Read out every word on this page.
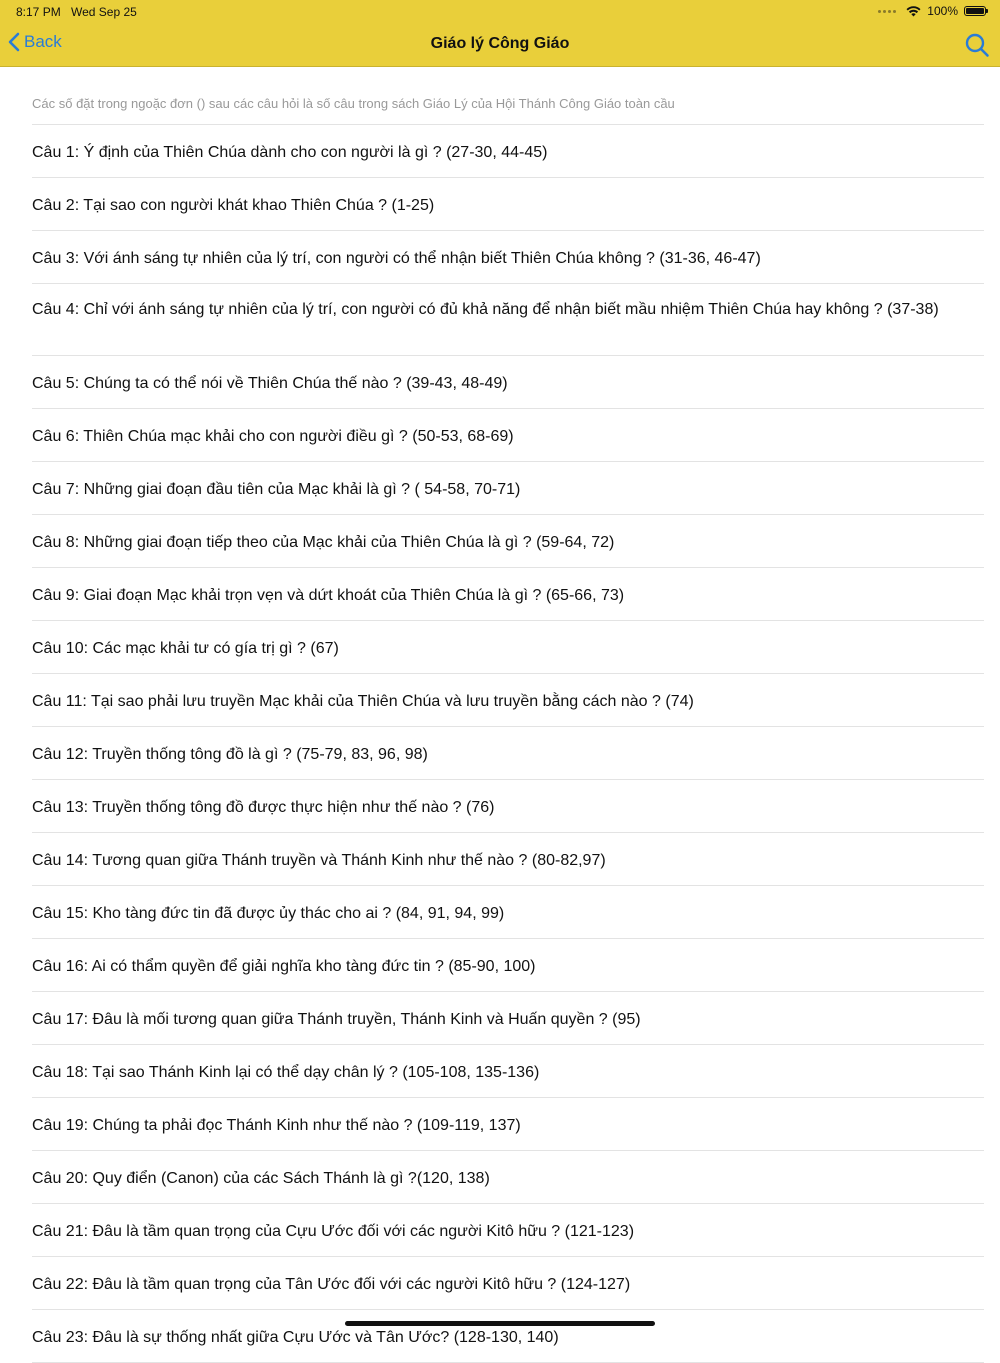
8:17 PM Wed Sep 25	100%
Back	Giáo lý Công Giáo
Các số đặt trong ngoặc đơn () sau các câu hỏi là số câu trong sách Giáo Lý của Hội Thánh Công Giáo toàn cầu
Câu 1: Ý định của Thiên Chúa dành cho con người là gì ? (27-30, 44-45)
Câu 2: Tại sao con người khát khao Thiên Chúa ? (1-25)
Câu 3: Với ánh sáng tự nhiên của lý trí, con người có thể nhận biết Thiên Chúa không ? (31-36, 46-47)
Câu 4: Chỉ với ánh sáng tự nhiên của lý trí, con người có đủ khả năng để nhận biết mầu nhiệm Thiên Chúa hay không ? (37-38)
Câu 5: Chúng ta có thể nói về Thiên Chúa thế nào ? (39-43, 48-49)
Câu 6: Thiên Chúa mạc khải cho con người điều gì ? (50-53, 68-69)
Câu 7: Những giai đoạn đầu tiên của Mạc khải là gì ? ( 54-58, 70-71)
Câu 8: Những giai đoạn tiếp theo của Mạc khải của Thiên Chúa là gì ? (59-64, 72)
Câu 9: Giai đoạn Mạc khải trọn vẹn và dứt khoát của Thiên Chúa là gì ? (65-66, 73)
Câu 10: Các mạc khải tư có gía trị gì ? (67)
Câu 11: Tại sao phải lưu truyền Mạc khải của Thiên Chúa và lưu truyền bằng cách nào ? (74)
Câu 12: Truyền thống tông đồ là gì ? (75-79, 83, 96, 98)
Câu 13: Truyền thống tông đồ được thực hiện như thế nào ? (76)
Câu 14: Tương quan giữa Thánh truyền và Thánh Kinh như thế nào ? (80-82,97)
Câu 15: Kho tàng đức tin đã được ủy thác cho ai ? (84, 91, 94, 99)
Câu 16: Ai có thẩm quyền để giải nghĩa kho tàng đức tin ? (85-90, 100)
Câu 17: Đâu là mối tương quan giữa Thánh truyền, Thánh Kinh và Huấn quyền ? (95)
Câu 18: Tại sao Thánh Kinh lại có thể dạy chân lý ? (105-108, 135-136)
Câu 19: Chúng ta phải đọc Thánh Kinh như thế nào ? (109-119, 137)
Câu 20: Quy điển (Canon) của các Sách Thánh là gì ?(120, 138)
Câu 21: Đâu là tầm quan trọng của Cựu Ước đối với các người Kitô hữu ? (121-123)
Câu 22: Đâu là tầm quan trọng của Tân Ước đối với các người Kitô hữu ? (124-127)
Câu 23: Đâu là sự thống nhất giữa Cựu Ước và Tân Ước? (128-130, 140)
